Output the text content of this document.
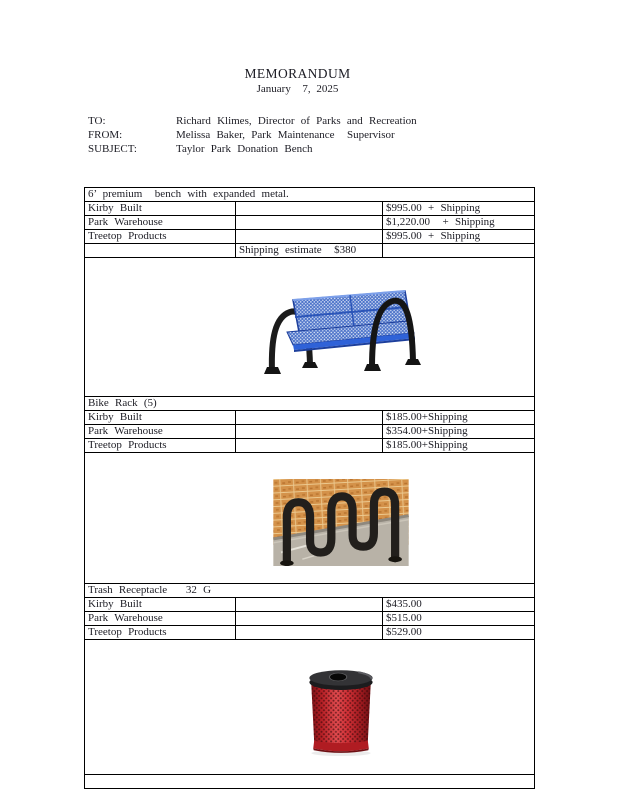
MEMORANDUM
January  7, 2025
TO:	Richard Klimes, Director of Parks and Recreation
FROM:	Melissa Baker, Park Maintenance  Supervisor
SUBJECT:	Taylor Park Donation Bench
6’ premium  bench with expanded metal.		
Kirby Built		$995.00 + Shipping
Park Warehouse		$1,220.00  + Shipping
Treetop Products		$995.00 + Shipping
	Shipping estimate  $380	

Bike Rack (5)		
Kirby Built		$185.00+Shipping
Park Warehouse		$354.00+Shipping
Treetop Products		$185.00+Shipping

Trash Receptacle   32 G		
Kirby Built		$435.00
Park Warehouse		$515.00
Treetop Products		$529.00
